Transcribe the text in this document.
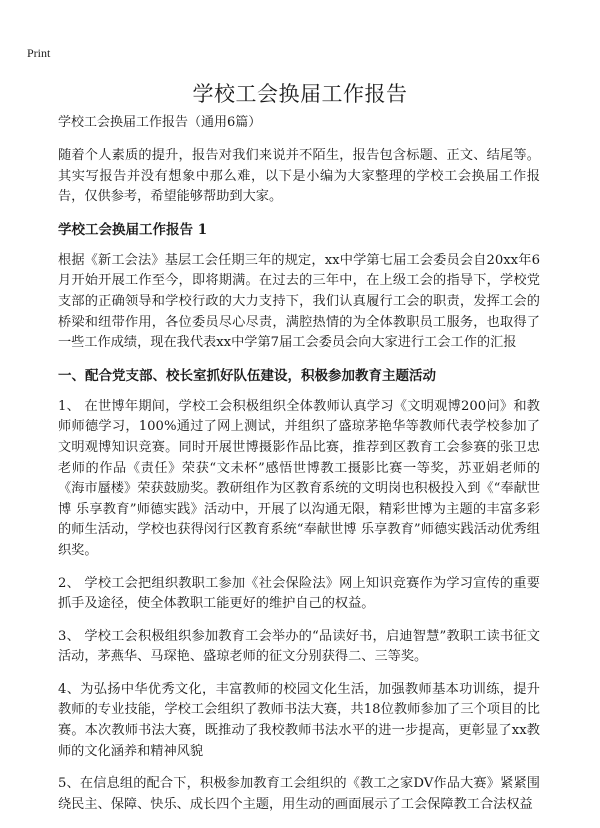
Print
学校工会换届工作报告
学校工会换届工作报告（通用6篇）

随着个人素质的提升，报告对我们来说并不陌生，报告包含标题、正文、结尾等。其实写报告并没有想象中那么难，以下是小编为大家整理的学校工会换届工作报告，仅供参考，希望能够帮助到大家。

学校工会换届工作报告 1

根据《新工会法》基层工会任期三年的规定，xx中学第七届工会委员会自20xx年6月开始开展工作至今，即将期满。在过去的三年中，在上级工会的指导下，学校党支部的正确领导和学校行政的大力支持下，我们认真履行工会的职责，发挥工会的桥梁和纽带作用，各位委员尽心尽责，满腔热情的为全体教职员工服务，也取得了一些工作成绩，现在我代表xx中学第7届工会委员会向大家进行工会工作的汇报

一、配合党支部、校长室抓好队伍建设，积极参加教育主题活动

1、 在世博年期间，学校工会积极组织全体教师认真学习《文明观博200问》和教师师德学习，100%通过了网上测试，并组织了盛琼茅艳华等教师代表学校参加了文明观博知识竞赛。同时开展世博摄影作品比赛，推荐到区教育工会参赛的张卫忠老师的作品《责任》荣获“文未杯”感悟世博教工摄影比赛一等奖，苏亚娟老师的《海市蜃楼》荣获鼓励奖。教研组作为区教育系统的文明岗也积极投入到《“奉献世博 乐享教育”师德实践》活动中，开展了以沟通无限，精彩世博为主题的丰富多彩的师生活动，学校也获得闵行区教育系统“奉献世博 乐享教育”师德实践活动优秀组织奖。

2、 学校工会把组织教职工参加《社会保险法》网上知识竞赛作为学习宣传的重要抓手及途径，使全体教职工能更好的维护自己的权益。

3、 学校工会积极组织参加教育工会举办的“品读好书，启迪智慧”教职工读书征文活动，茅燕华、马琛艳、盛琼老师的征文分别获得二、三等奖。

4、为弘扬中华优秀文化，丰富教师的校园文化生活，加强教师基本功训练，提升教师的专业技能，学校工会组织了教师书法大赛，共18位教师参加了三个项目的比赛。本次教师书法大赛，既推动了我校教师书法水平的进一步提高，更彰显了xx教师的文化涵养和精神风貌

5、在信息组的配合下，积极参加教育工会组织的《教工之家DV作品大赛》紧紧围绕民主、保障、快乐、成长四个主题，用生动的画面展示了工会保障教工合法权益
